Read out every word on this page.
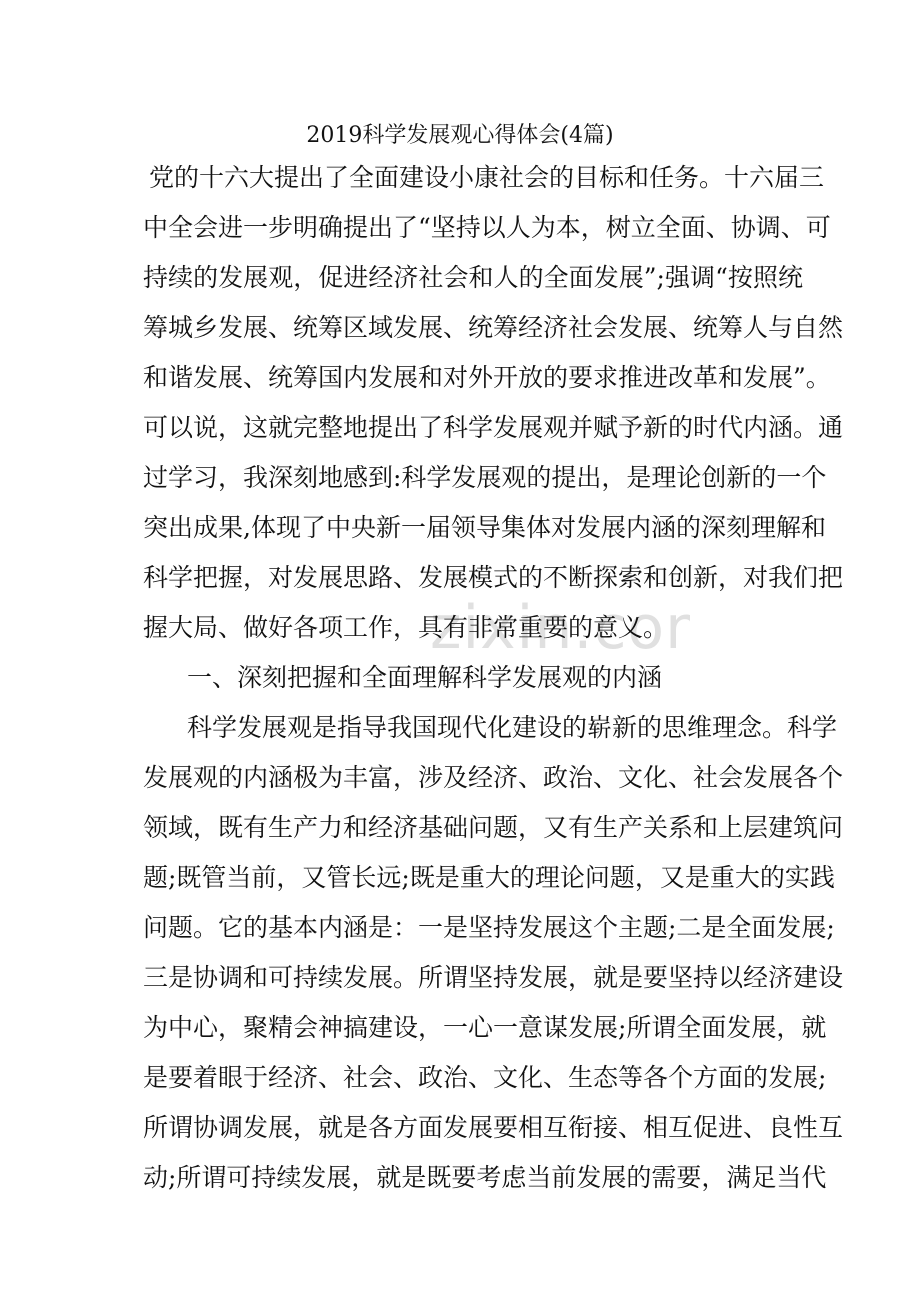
zixin.co
2019科学发展观心得体会(4篇)
党的十六大提出了全面建设小康社会的目标和任务。十六届三
中全会进一步明确提出了“坚持以人为本，树立全面、协调、可
持续的发展观，促进经济社会和人的全面发展”;强调“按照统
筹城乡发展、统筹区域发展、统筹经济社会发展、统筹人与自然
和谐发展、统筹国内发展和对外开放的要求推进改革和发展”。
可以说，这就完整地提出了科学发展观并赋予新的时代内涵。通
过学习，我深刻地感到:科学发展观的提出，是理论创新的一个
突出成果,体现了中央新一届领导集体对发展内涵的深刻理解和
科学把握，对发展思路、发展模式的不断探索和创新，对我们把
握大局、做好各项工作，具有非常重要的意义。
一、深刻把握和全面理解科学发展观的内涵
科学发展观是指导我国现代化建设的崭新的思维理念。科学
发展观的内涵极为丰富，涉及经济、政治、文化、社会发展各个
领域，既有生产力和经济基础问题，又有生产关系和上层建筑问
题;既管当前，又管长远;既是重大的理论问题，又是重大的实践
问题。它的基本内涵是：一是坚持发展这个主题;二是全面发展;
三是协调和可持续发展。所谓坚持发展，就是要坚持以经济建设
为中心，聚精会神搞建设，一心一意谋发展;所谓全面发展，就
是要着眼于经济、社会、政治、文化、生态等各个方面的发展;
所谓协调发展，就是各方面发展要相互衔接、相互促进、良性互
动;所谓可持续发展，就是既要考虑当前发展的需要，满足当代
